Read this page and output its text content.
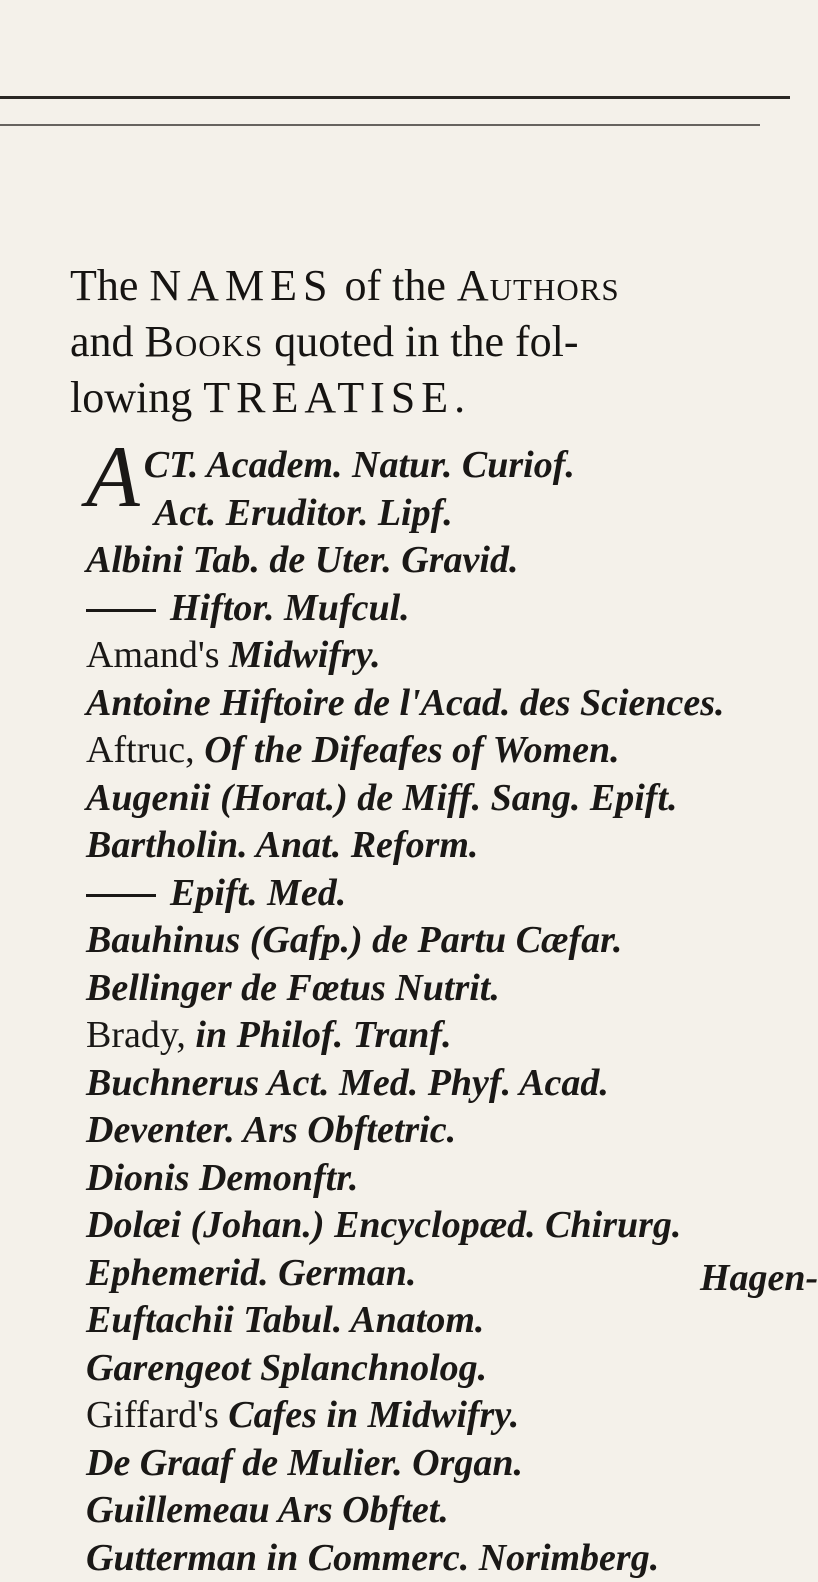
The NAMES of the Authors
and Books quoted in the fol-
lowing TREATISE.
ACT. Academ. Natur. Curiof.
Act. Eruditor. Lipf.
Albini Tab. de Uter. Gravid.
Hiftor. Mufcul.
Amand's Midwifry.
Antoine Hiftoire de l'Acad. des Sciences.
Aftruc, Of the Difeafes of Women.
Augenii (Horat.) de Miff. Sang. Epift.
Bartholin. Anat. Reform.
Epift. Med.
Bauhinus (Gafp.) de Partu Cæfar.
Bellinger de Fœtus Nutrit.
Brady, in Philof. Tranf.
Buchnerus Act. Med. Phyf. Acad.
Deventer. Ars Obftetric.
Dionis Demonftr.
Dolæi (Johan.) Encyclopæd. Chirurg.
Ephemerid. German.
Euftachii Tabul. Anatom.
Garengeot Splanchnolog.
Giffard's Cafes in Midwifry.
De Graaf de Mulier. Organ.
Guillemeau Ars Obftet.
Gutterman in Commerc. Norimberg.
Hagen-
